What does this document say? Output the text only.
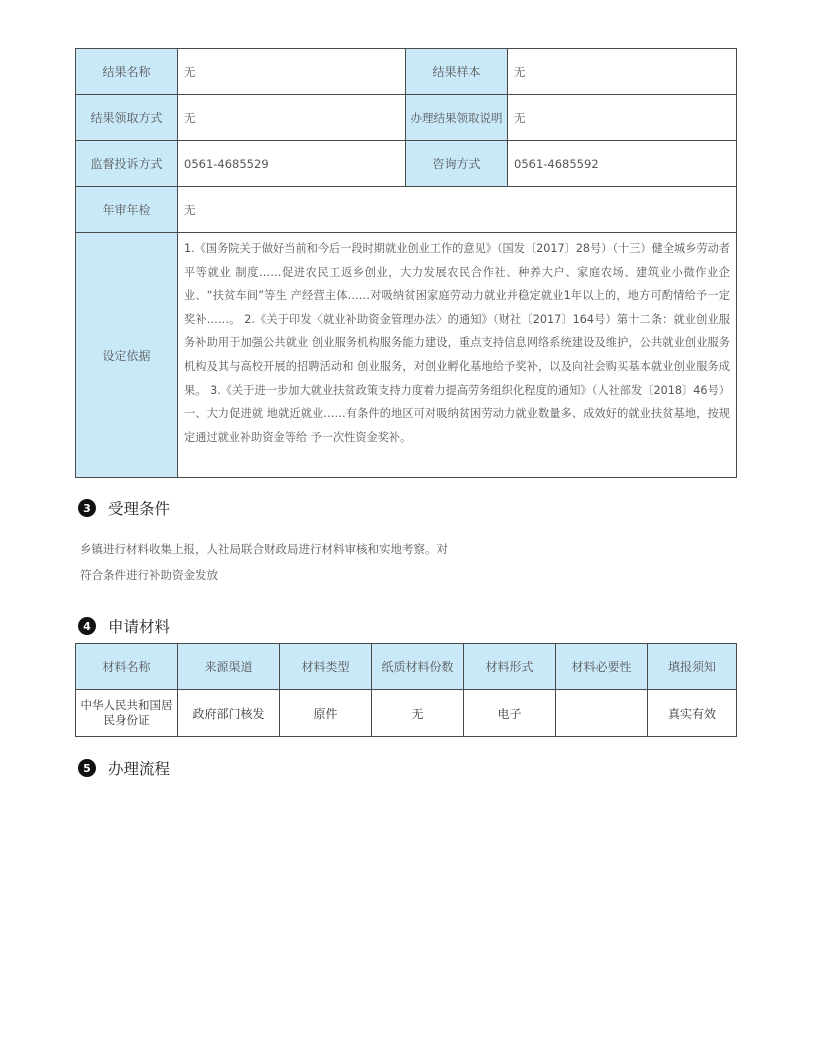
结果名称	无	结果样本	无
结果领取方式	无	办理结果领取说明	无
监督投诉方式	0561-4685529	咨询方式	0561-4685592
年审年检	无		
设定依据	1.《国务院关于做好当前和今后一段时期就业创业工作的意见》（国发〔2017〕28号）（十三）健全城乡劳动者平等就业 制度……促进农民工返乡创业，大力发展农民合作社、种养大户、家庭农场、建筑业小微作业企业、“扶贫车间”等生 产经营主体……对吸纳贫困家庭劳动力就业并稳定就业1年以上的，地方可酌情给予一定奖补……。 2.《关于印发〈就业补助资金管理办法〉的通知》（财社〔2017〕164号）第十二条：就业创业服务补助用于加强公共就业 创业服务机构服务能力建设，重点支持信息网络系统建设及维护，公共就业创业服务机构及其与高校开展的招聘活动和 创业服务，对创业孵化基地给予奖补，以及向社会购买基本就业创业服务成果。 3.《关于进一步加大就业扶贫政策支持力度着力提高劳务组织化程度的通知》（人社部发〔2018〕46号）一、大力促进就 地就近就业……有条件的地区可对吸纳贫困劳动力就业数量多、成效好的就业扶贫基地，按规定通过就业补助资金等给 予一次性资金奖补。		
3	受理条件
乡镇进行材料收集上报，人社局联合财政局进行材料审核和实地考察。对
符合条件进行补助资金发放
4	申请材料
材料名称	来源渠道	材料类型	纸质材料份数	材料形式	材料必要性	填报须知
中华人民共和国居民身份证	政府部门核发	原件	无	电子		真实有效
5	办理流程
